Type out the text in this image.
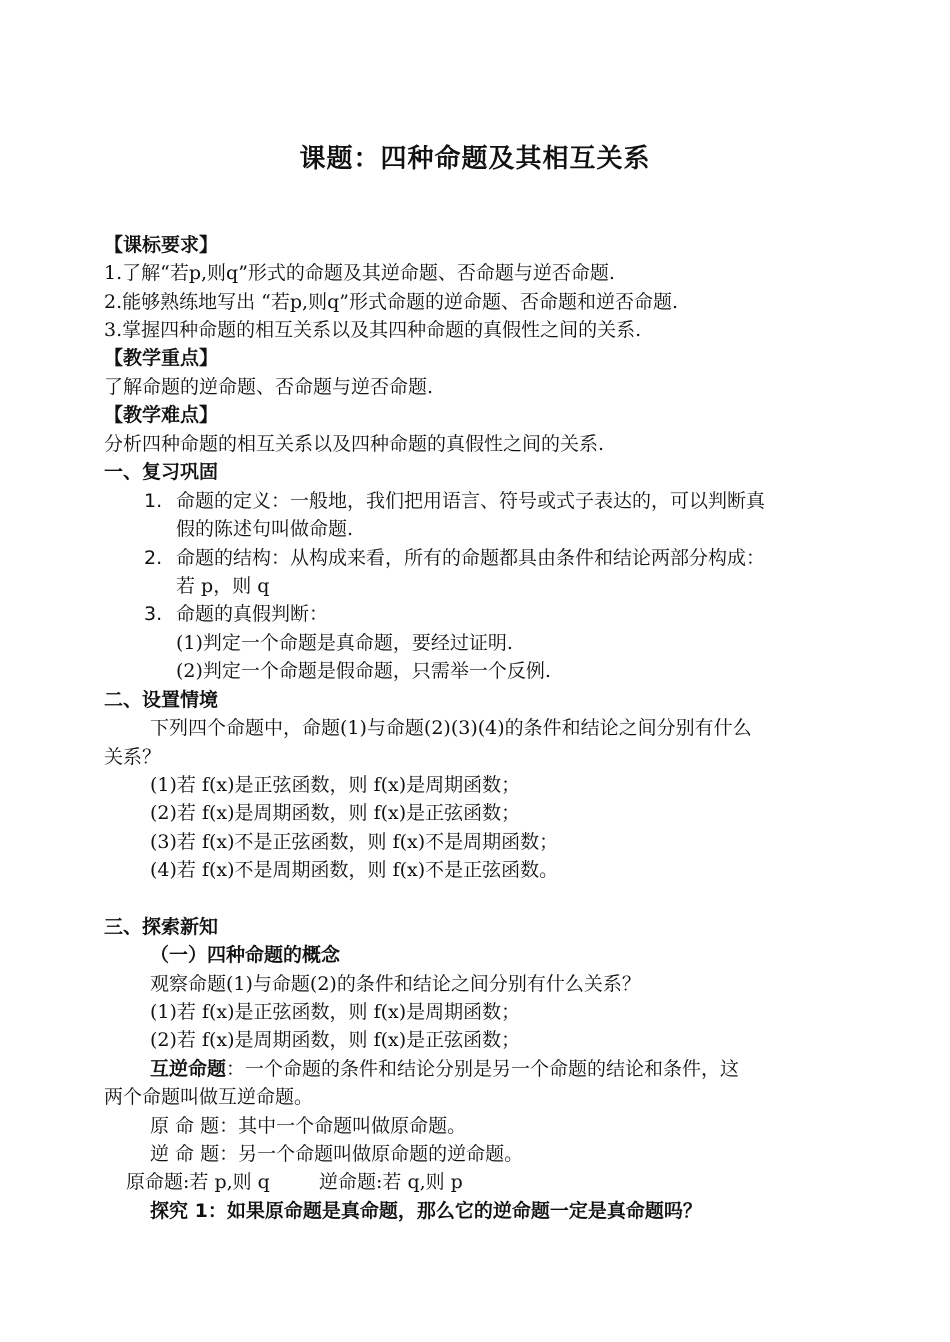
课题：四种命题及其相互关系
【课标要求】
1.了解“若p,则q”形式的命题及其逆命题、否命题与逆否命题.
2.能够熟练地写出 “若p,则q”形式命题的逆命题、否命题和逆否命题.
3.掌握四种命题的相互关系以及其四种命题的真假性之间的关系.
【教学重点】
了解命题的逆命题、否命题与逆否命题.
【教学难点】
分析四种命题的相互关系以及四种命题的真假性之间的关系.
一、复习巩固
1. 命题的定义：一般地，我们把用语言、符号或式子表达的，可以判断真
假的陈述句叫做命题.
2. 命题的结构：从构成来看，所有的命题都具由条件和结论两部分构成：
若 p，则 q
3. 命题的真假判断：
(1)判定一个命题是真命题，要经过证明.
(2)判定一个命题是假命题，只需举一个反例.
二、设置情境
下列四个命题中，命题(1)与命题(2)(3)(4)的条件和结论之间分别有什么
关系？
(1)若 f(x)是正弦函数，则 f(x)是周期函数；
(2)若 f(x)是周期函数，则 f(x)是正弦函数；
(3)若 f(x)不是正弦函数，则 f(x)不是周期函数；
(4)若 f(x)不是周期函数，则 f(x)不是正弦函数。
三、探索新知
（一）四种命题的概念
观察命题(1)与命题(2)的条件和结论之间分别有什么关系？
(1)若 f(x)是正弦函数，则 f(x)是周期函数；
(2)若 f(x)是周期函数，则 f(x)是正弦函数；
互逆命题：一个命题的条件和结论分别是另一个命题的结论和条件，这
两个命题叫做互逆命题。
原 命 题：其中一个命题叫做原命题。
逆 命 题：另一个命题叫做原命题的逆命题。
原命题:若 p,则 q	逆命题:若 q,则 p
探究 1：如果原命题是真命题，那么它的逆命题一定是真命题吗？
